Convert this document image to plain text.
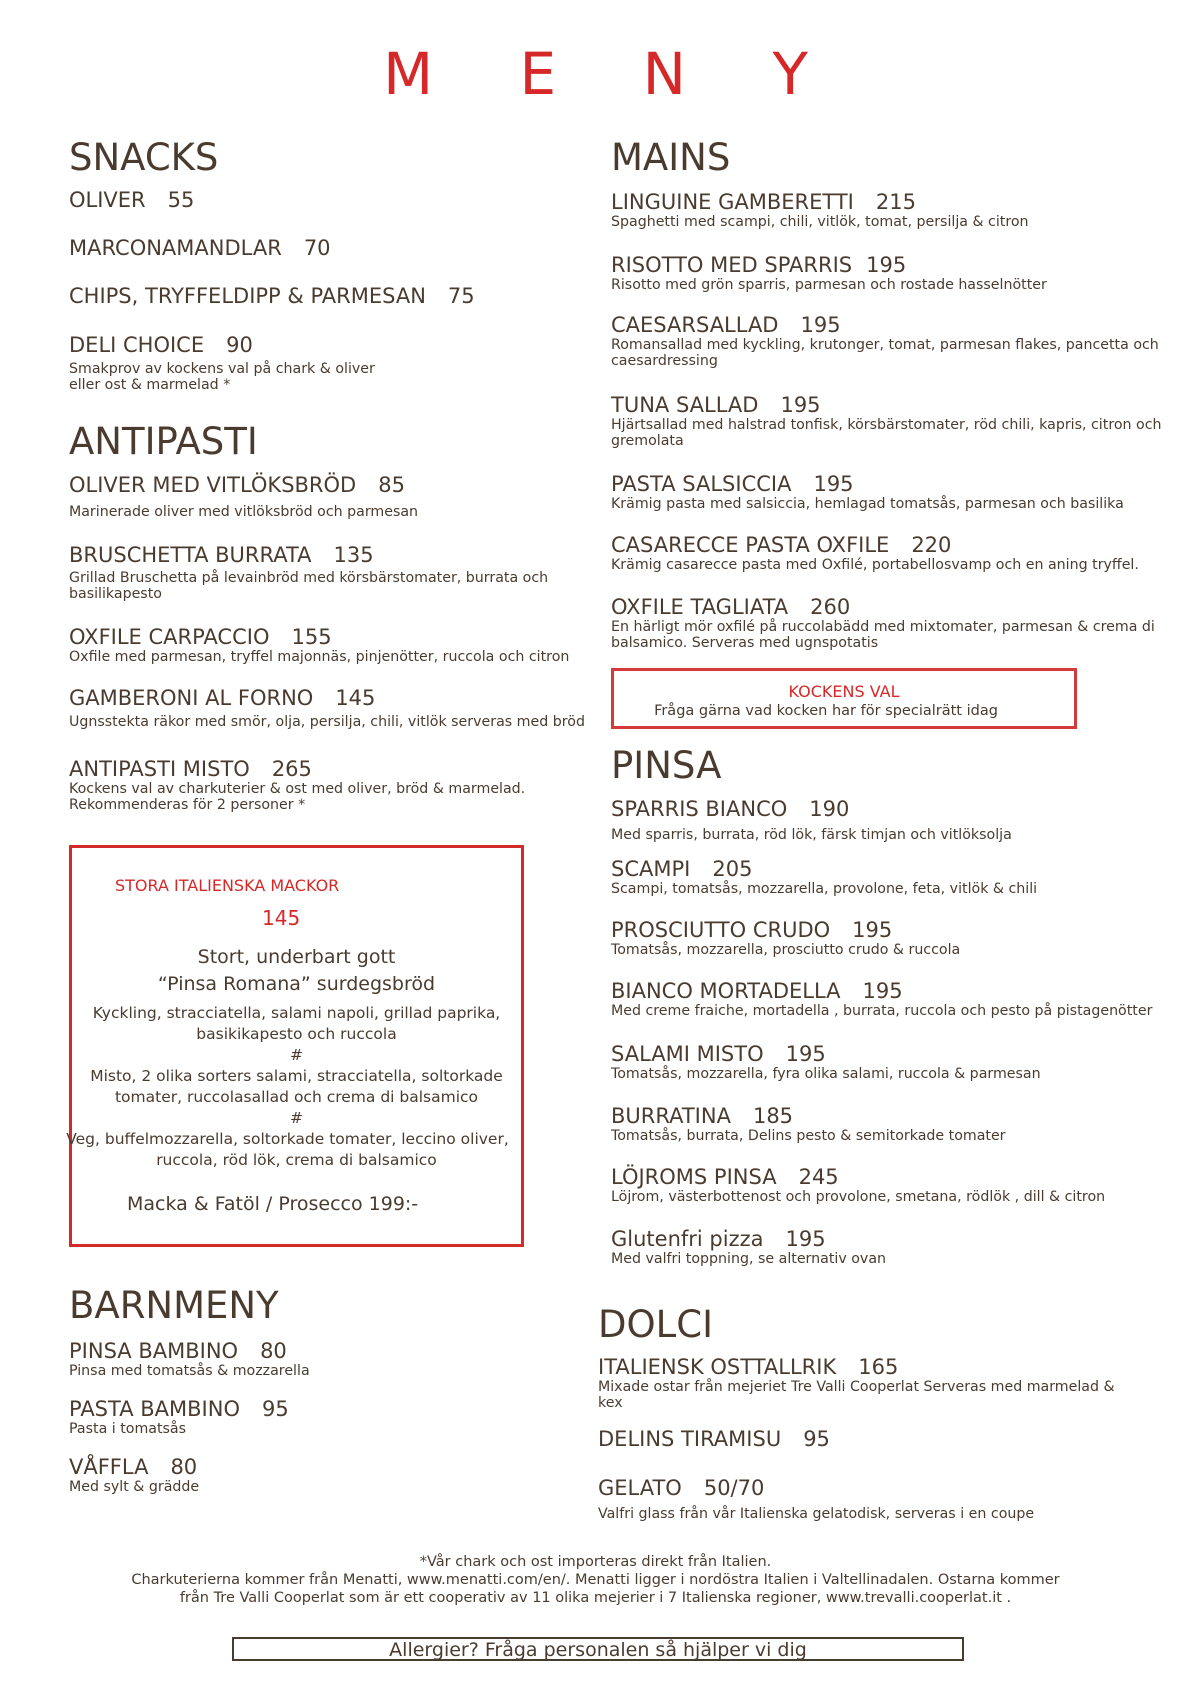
M E N Y
SNACKS
OLIVER 55
MARCONAMANDLAR 70
CHIPS, TRYFFELDIPP & PARMESAN 75
DELI CHOICE 90
Smakprov av kockens val på chark & oliver
eller ost & marmelad *
ANTIPASTI
OLIVER MED VITLÖKSBRÖD 85
Marinerade oliver med vitlöksbröd och parmesan
BRUSCHETTA BURRATA 135
Grillad Bruschetta på levainbröd med körsbärstomater, burrata och
basilikapesto
OXFILE CARPACCIO 155
Oxfile med parmesan, tryffel majonnäs, pinjenötter, ruccola och citron
GAMBERONI AL FORNO 145
Ugnsstekta räkor med smör, olja, persilja, chili, vitlök serveras med bröd
ANTIPASTI MISTO 265
Kockens val av charkuterier & ost med oliver, bröd & marmelad.
Rekommenderas för 2 personer *
STORA ITALIENSKA MACKOR
145
Stort, underbart gott
“Pinsa Romana” surdegsbröd
Kyckling, stracciatella, salami napoli, grillad paprika,
basikikapesto och ruccola
#
Misto, 2 olika sorters salami, stracciatella, soltorkade
tomater, ruccolasallad och crema di balsamico
#
Veg, buffelmozzarella, soltorkade tomater, leccino oliver,
ruccola, röd lök, crema di balsamico
Macka & Fatöl / Prosecco 199:-
BARNMENY
PINSA BAMBINO 80
Pinsa med tomatsås & mozzarella
PASTA BAMBINO 95
Pasta i tomatsås
VÅFFLA 80
Med sylt & grädde
MAINS
LINGUINE GAMBERETTI 215
Spaghetti med scampi, chili, vitlök, tomat, persilja & citron
RISOTTO MED SPARRIS 195
Risotto med grön sparris, parmesan och rostade hasselnötter
CAESARSALLAD 195
Romansallad med kyckling, krutonger, tomat, parmesan flakes, pancetta och
caesardressing
TUNA SALLAD 195
Hjärtsallad med halstrad tonfisk, körsbärstomater, röd chili, kapris, citron och
gremolata
PASTA SALSICCIA 195
Krämig pasta med salsiccia, hemlagad tomatsås, parmesan och basilika
CASARECCE PASTA OXFILE 220
Krämig casarecce pasta med Oxfilé, portabellosvamp och en aning tryffel.
OXFILE TAGLIATA 260
En härligt mör oxfilé på ruccolabädd med mixtomater, parmesan & crema di
balsamico. Serveras med ugnspotatis
KOCKENS VAL
Fråga gärna vad kocken har för specialrätt idag
PINSA
SPARRIS BIANCO 190
Med sparris, burrata, röd lök, färsk timjan och vitlöksolja
SCAMPI 205
Scampi, tomatsås, mozzarella, provolone, feta, vitlök & chili
PROSCIUTTO CRUDO 195
Tomatsås, mozzarella, prosciutto crudo & ruccola
BIANCO MORTADELLA 195
Med creme fraiche, mortadella , burrata, ruccola och pesto på pistagenötter
SALAMI MISTO 195
Tomatsås, mozzarella, fyra olika salami, ruccola & parmesan
BURRATINA 185
Tomatsås, burrata, Delins pesto & semitorkade tomater
LÖJROMS PINSA 245
Löjrom, västerbottenost och provolone, smetana, rödlök , dill & citron
Glutenfri pizza 195
Med valfri toppning, se alternativ ovan
DOLCI
ITALIENSK OSTTALLRIK 165
Mixade ostar från mejeriet Tre Valli Cooperlat Serveras med marmelad &
kex
DELINS TIRAMISU 95
GELATO 50/70
Valfri glass från vår Italienska gelatodisk, serveras i en coupe
*Vår chark och ost importeras direkt från Italien.
Charkuterierna kommer från Menatti, www.menatti.com/en/. Menatti ligger i nordöstra Italien i Valtellinadalen. Ostarna kommer
från Tre Valli Cooperlat som är ett cooperativ av 11 olika mejerier i 7 Italienska regioner, www.trevalli.cooperlat.it .
Allergier? Fråga personalen så hjälper vi dig
